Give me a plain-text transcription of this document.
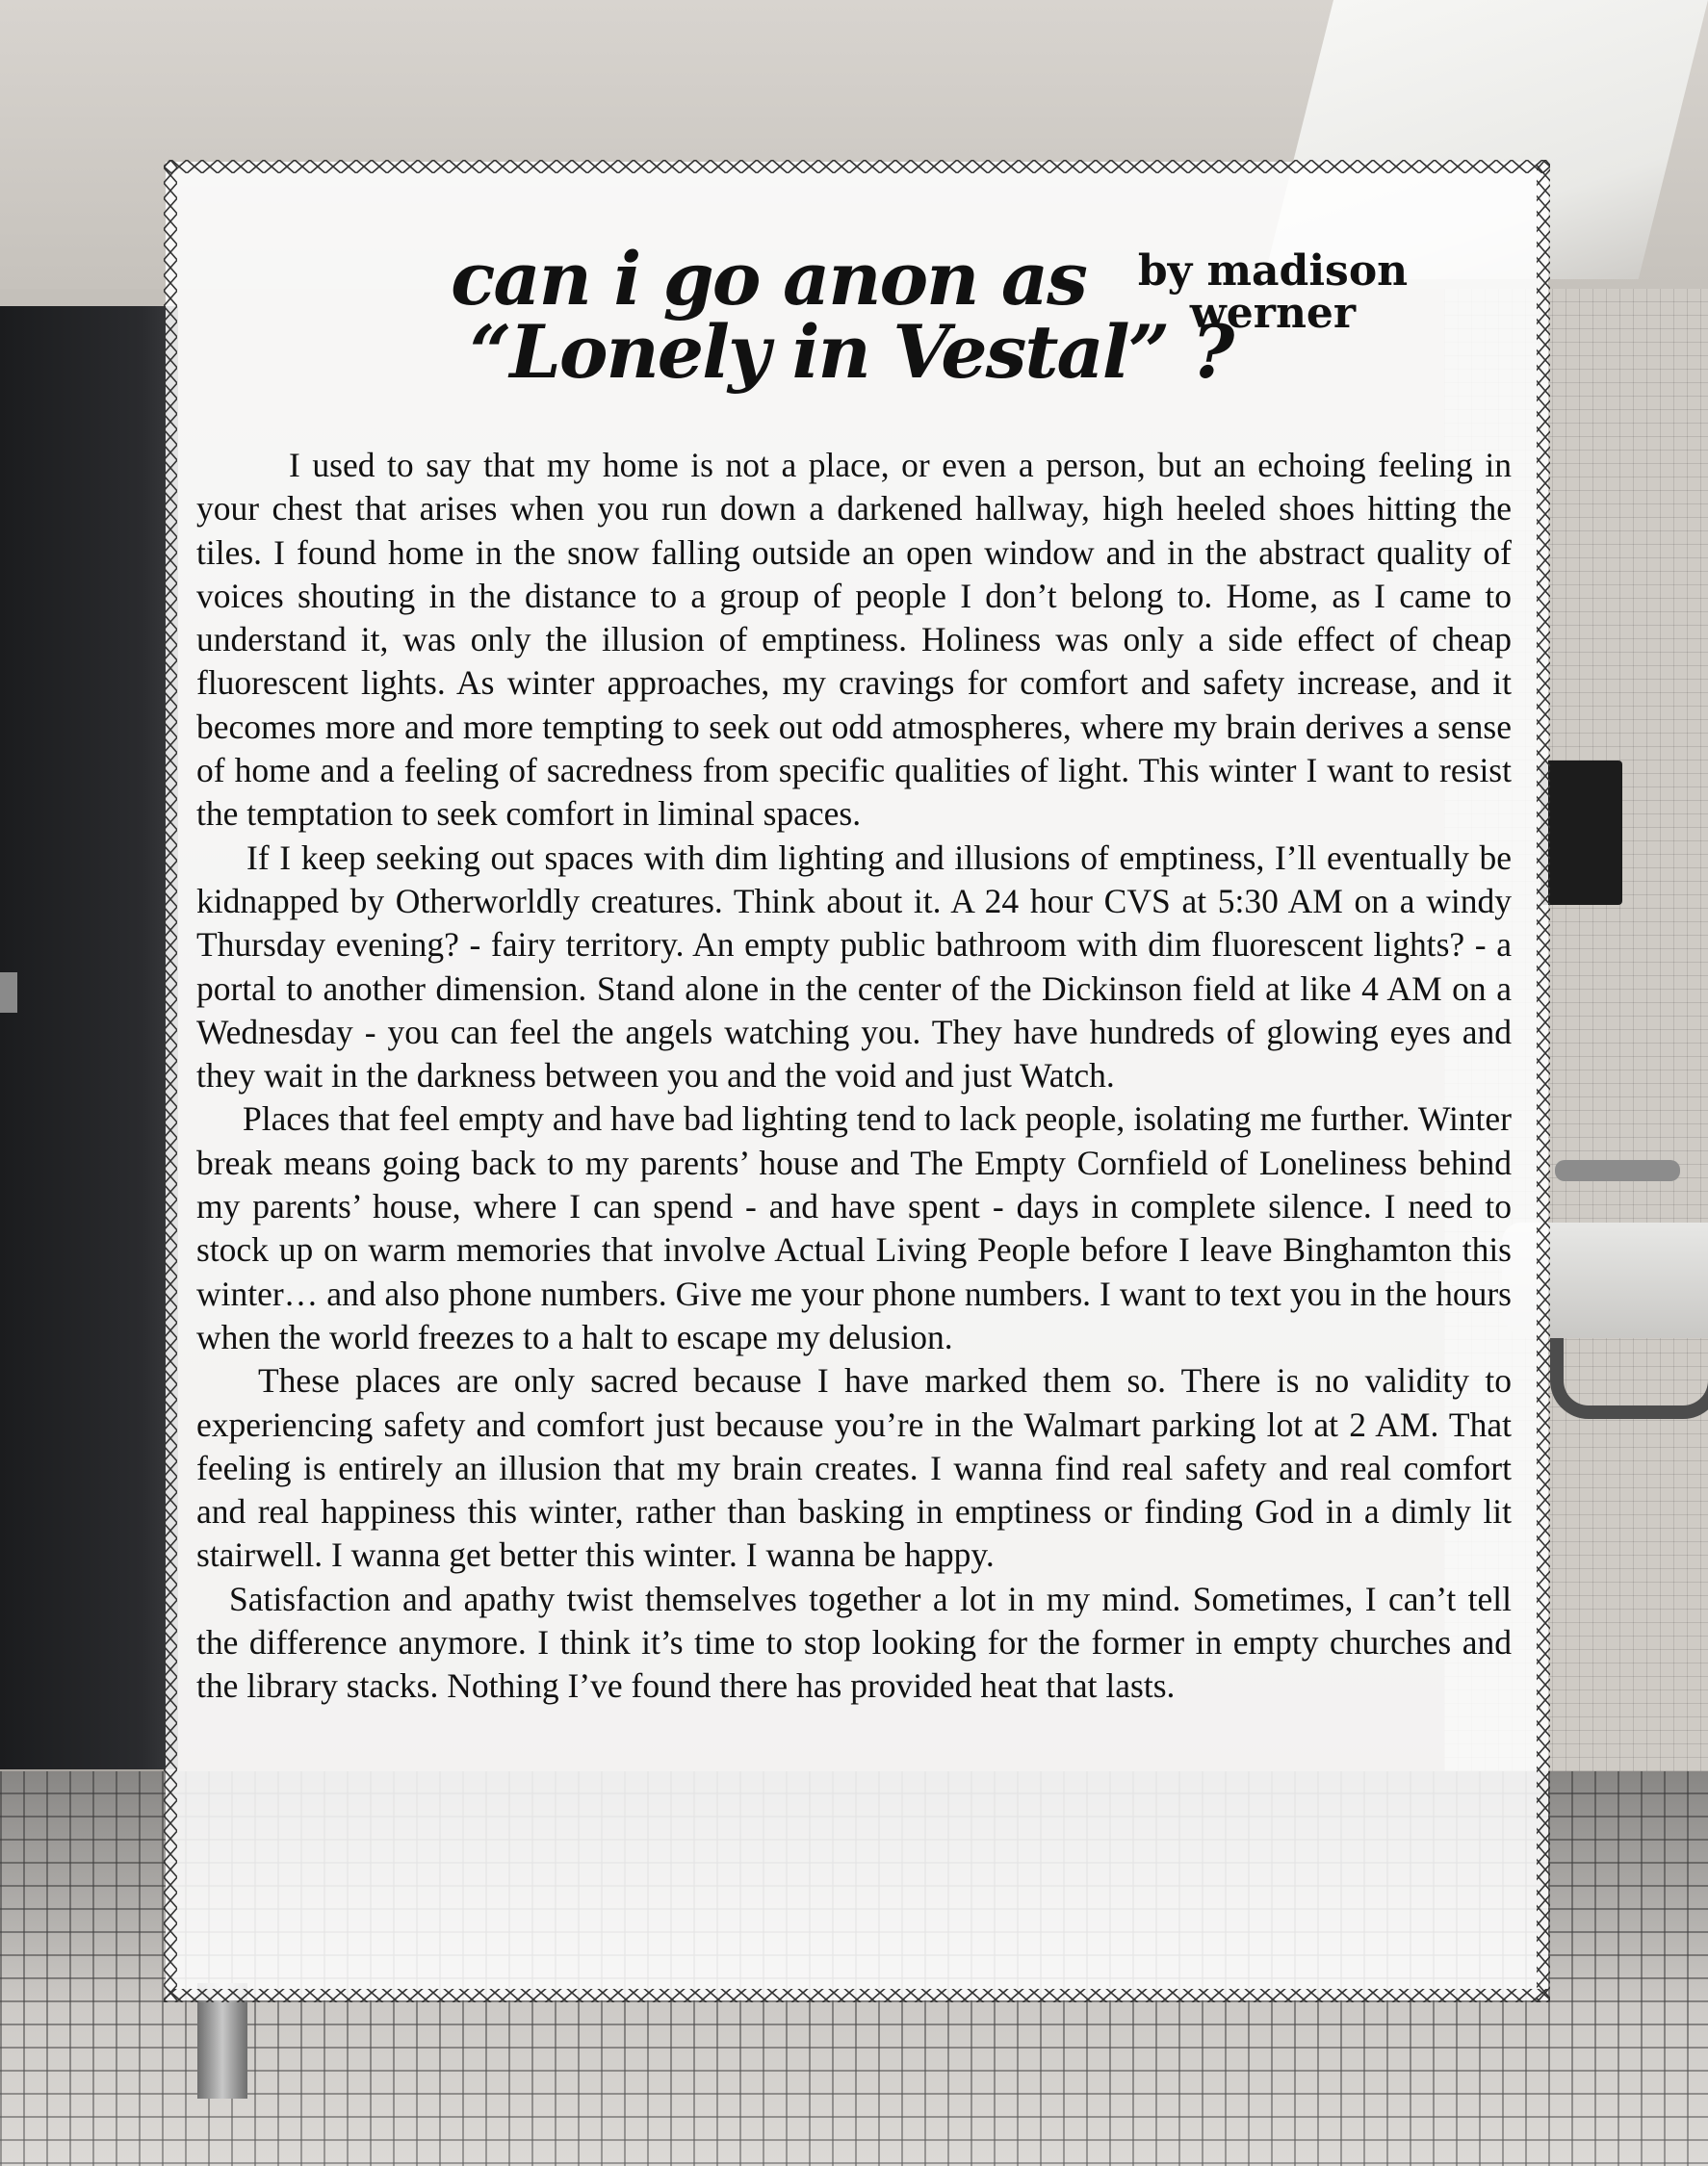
can i go anon as
“Lonely in Vestal” ?
by madison
werner

I used to say that my home is not a place, or even a person, but an echoing feeling in your chest that arises when you run down a darkened hallway, high heeled shoes hitting the tiles. I found home in the snow falling outside an open window and in the abstract quality of voices shouting in the distance to a group of people I don’t belong to. Home, as I came to understand it, was only the illusion of emptiness. Holiness was only a side effect of cheap fluorescent lights. As winter approaches, my cravings for comfort and safety increase, and it becomes more and more tempting to seek out odd atmospheres, where my brain derives a sense of home and a feeling of sacredness from specific qualities of light. This winter I want to resist the temptation to seek comfort in liminal spaces.

If I keep seeking out spaces with dim lighting and illusions of emptiness, I’ll eventually be kidnapped by Otherworldly creatures. Think about it. A 24 hour CVS at 5:30 AM on a windy Thursday evening? - fairy territory. An empty public bathroom with dim fluorescent lights? - a portal to another dimension. Stand alone in the center of the Dickinson field at like 4 AM on a Wednesday - you can feel the angels watching you. They have hundreds of glowing eyes and they wait in the darkness between you and the void and just Watch.

Places that feel empty and have bad lighting tend to lack people, isolating me further. Winter break means going back to my parents’ house and The Empty Cornfield of Loneliness behind my parents’ house, where I can spend - and have spent - days in complete silence. I need to stock up on warm memories that involve Actual Living People before I leave Binghamton this winter… and also phone numbers. Give me your phone numbers. I want to text you in the hours when the world freezes to a halt to escape my delusion.

These places are only sacred because I have marked them so. There is no validity to experiencing safety and comfort just because you’re in the Walmart parking lot at 2 AM. That feeling is entirely an illusion that my brain creates. I wanna find real safety and real comfort and real happiness this winter, rather than basking in emptiness or finding God in a dimly lit stairwell. I wanna get better this winter. I wanna be happy.

Satisfaction and apathy twist themselves together a lot in my mind. Sometimes, I can’t tell the difference anymore. I think it’s time to stop looking for the former in empty churches and the library stacks. Nothing I’ve found there has provided heat that lasts.
